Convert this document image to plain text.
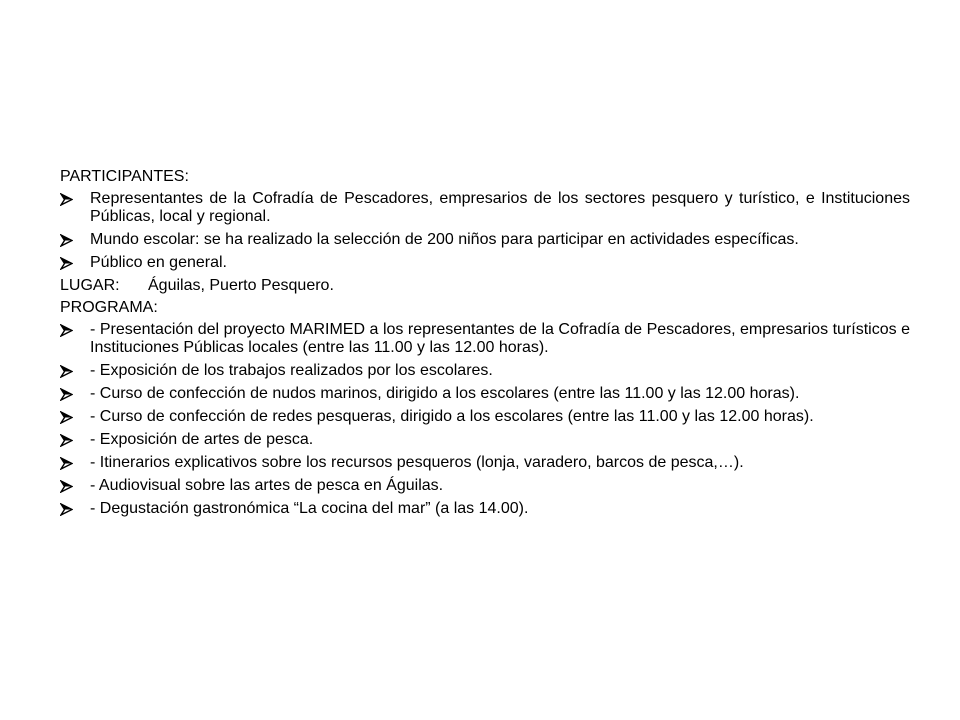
PARTICIPANTES:
Representantes de la Cofradía de Pescadores, empresarios de los sectores pesquero y turístico, e Instituciones Públicas, local y regional.
Mundo escolar: se ha realizado la selección de 200 niños para participar en actividades específicas.
Público en general.
LUGAR:	Águilas, Puerto Pesquero.
PROGRAMA:
- Presentación del proyecto MARIMED a los representantes de la Cofradía de Pescadores, empresarios turísticos e Instituciones Públicas locales (entre las 11.00 y las 12.00 horas).
- Exposición de los trabajos realizados por los escolares.
- Curso de confección de nudos marinos, dirigido a los escolares (entre las 11.00 y las 12.00 horas).
- Curso de confección de redes pesqueras, dirigido a los escolares (entre las 11.00 y las 12.00 horas).
- Exposición de artes de pesca.
- Itinerarios explicativos sobre los recursos pesqueros (lonja, varadero, barcos de pesca,…).
- Audiovisual sobre las artes de pesca en Águilas.
- Degustación gastronómica “La cocina del mar” (a las 14.00).
